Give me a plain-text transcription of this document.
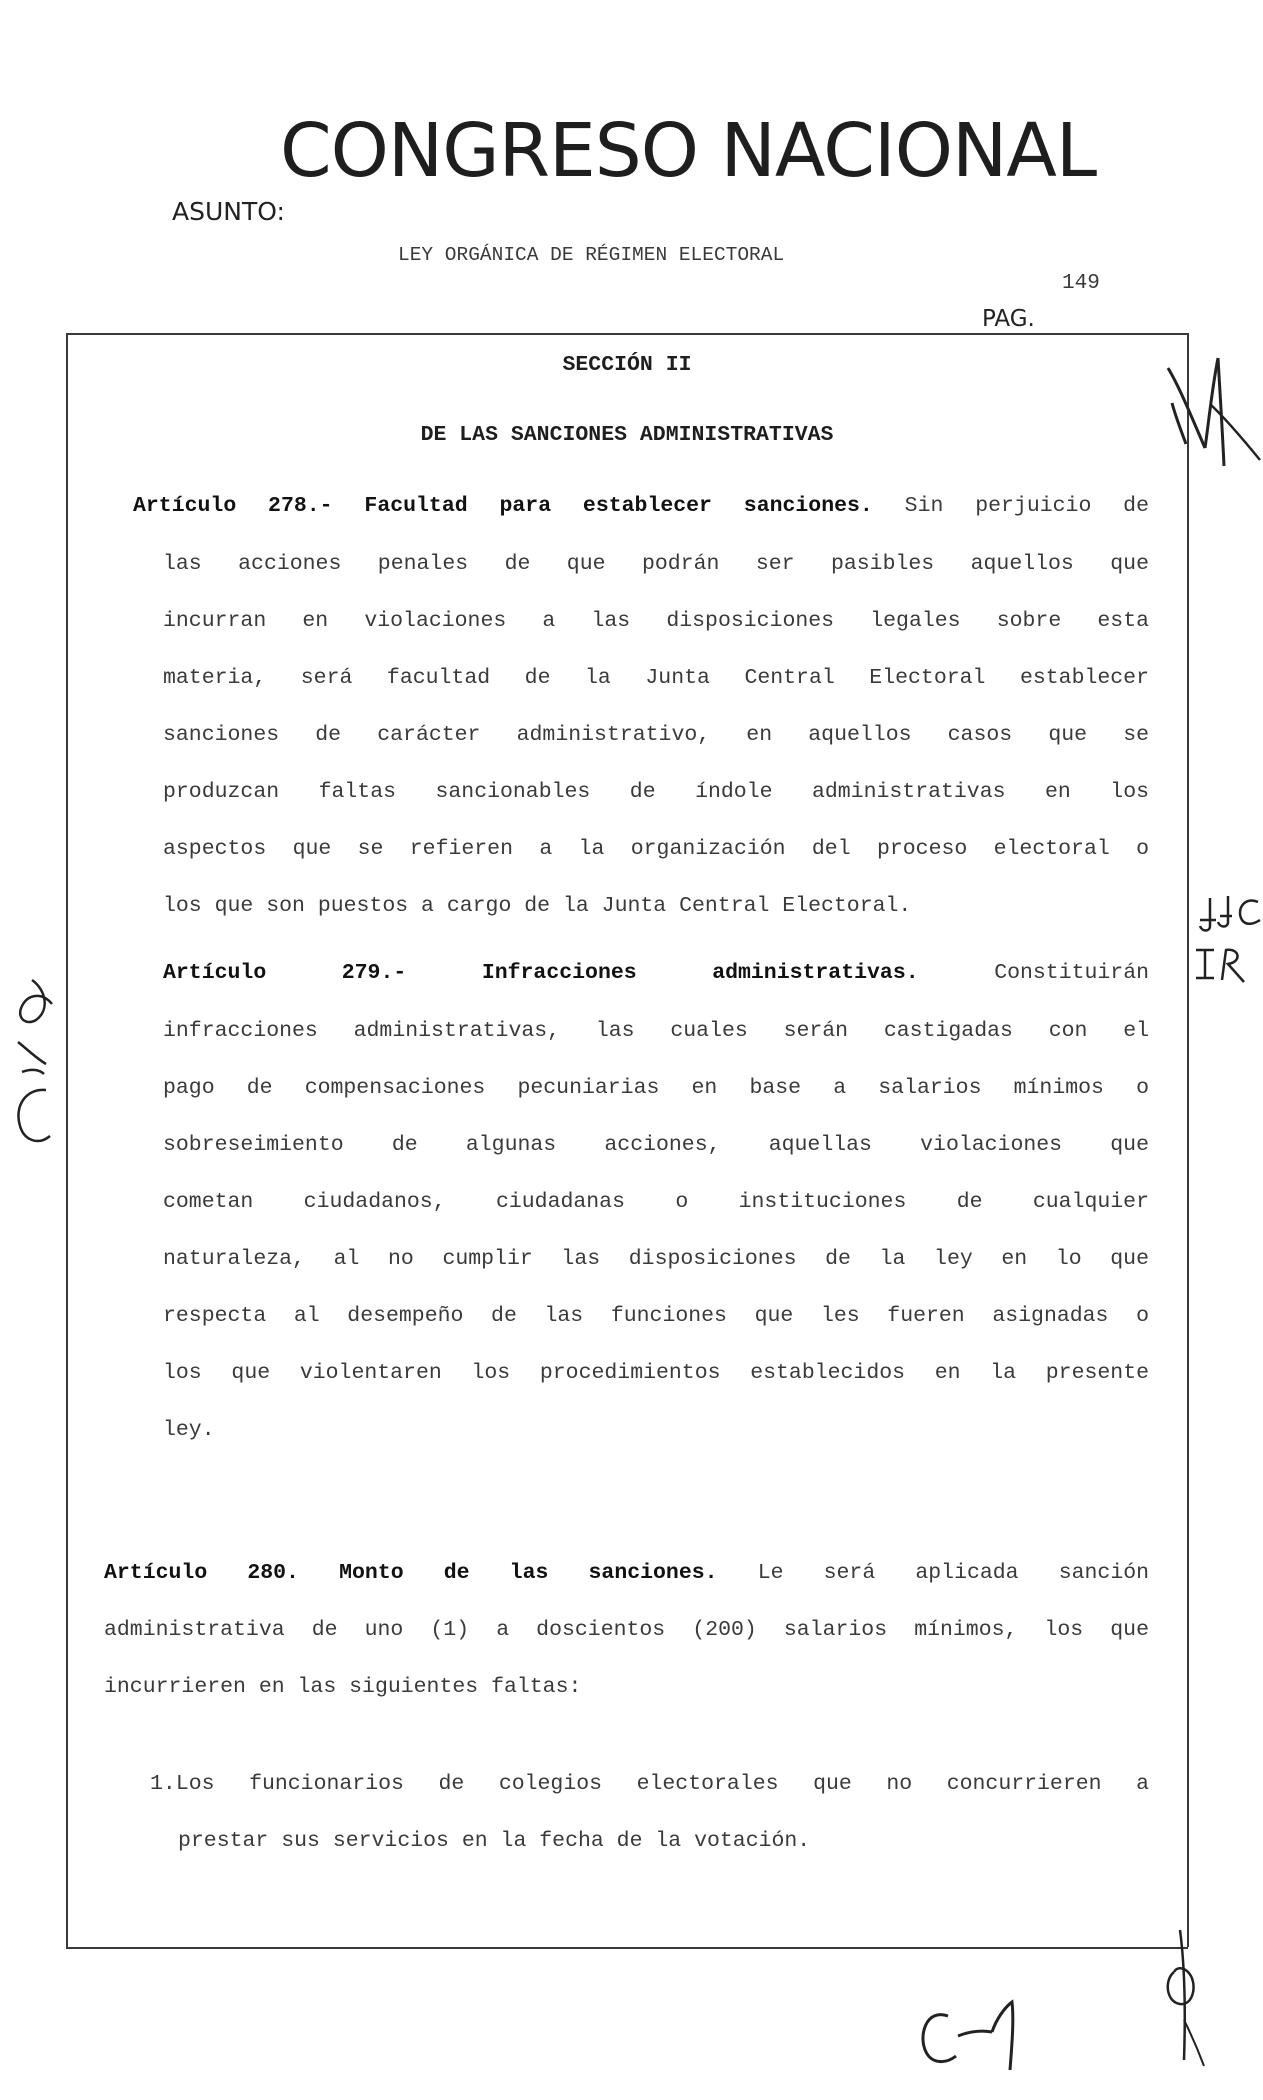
CONGRESO NACIONAL
ASUNTO:
LEY ORGÁNICA DE RÉGIMEN ELECTORAL
149
PAG.
SECCIÓN II
DE LAS SANCIONES ADMINISTRATIVAS
Artículo 278.- Facultad para establecer sanciones. Sin perjuicio de
las acciones penales de que podrán ser pasibles aquellos que
incurran en violaciones a las disposiciones legales sobre esta
materia, será facultad de la Junta Central Electoral establecer
sanciones de carácter administrativo, en aquellos casos que se
produzcan faltas sancionables de índole administrativas en los
aspectos que se refieren a la organización del proceso electoral o
los que son puestos a cargo de la Junta Central Electoral.
Artículo 279.-	Infracciones administrativas.	Constituirán
infracciones administrativas, las cuales serán castigadas con el
pago de compensaciones pecuniarias en base a salarios mínimos o
sobreseimiento de algunas acciones, aquellas violaciones que
cometan ciudadanos, ciudadanas o instituciones de cualquier
naturaleza, al no cumplir las disposiciones de la ley en lo que
respecta al desempeño de las funciones que les fueren asignadas o
los que violentaren los procedimientos establecidos en la presente
ley.
Artículo 280. Monto de las sanciones. Le será aplicada sanción
administrativa de uno (1) a doscientos (200) salarios mínimos, los que
incurrieren en las siguientes faltas:
1.Los funcionarios de colegios electorales que no concurrieren a
prestar sus servicios en la fecha de la votación.
